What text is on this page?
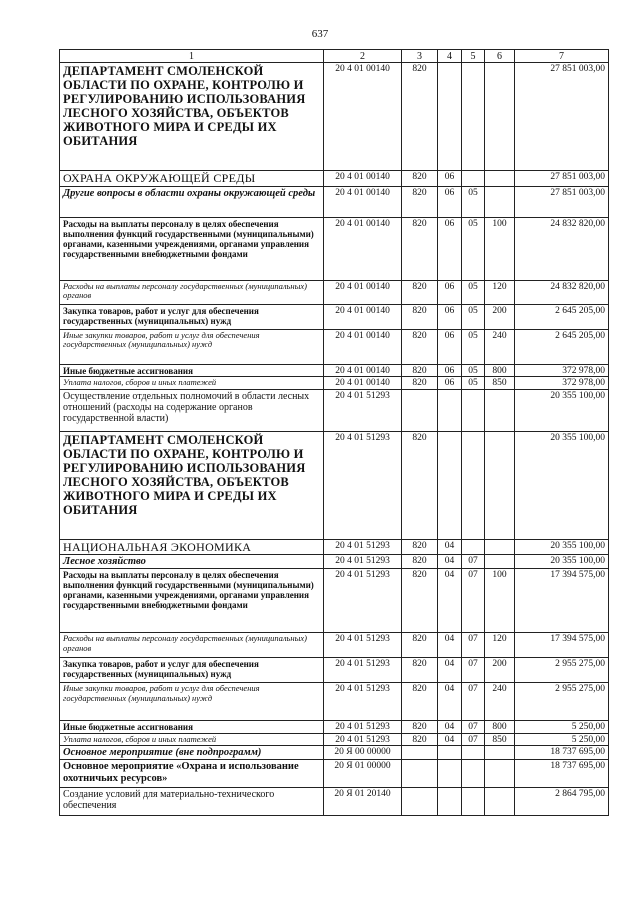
637
1	2	3	4	5	6	7
ДЕПАРТАМЕНТ СМОЛЕНСКОЙ ОБЛАСТИ ПО ОХРАНЕ, КОНТРОЛЮ И РЕГУЛИРОВАНИЮ ИСПОЛЬЗОВАНИЯ ЛЕСНОГО ХОЗЯЙСТВА, ОБЪЕКТОВ ЖИВОТНОГО МИРА И СРЕДЫ ИХ ОБИТАНИЯ	20 4 01 00140	820				27 851 003,00
ОХРАНА ОКРУЖАЮЩЕЙ СРЕДЫ	20 4 01 00140	820	06			27 851 003,00
Другие вопросы в области охраны окружающей среды	20 4 01 00140	820	06	05		27 851 003,00
Расходы на выплаты персоналу в целях обеспечения выполнения функций государственными (муниципальными) органами, казенными учреждениями, органами управления государственными внебюджетными фондами	20 4 01 00140	820	06	05	100	24 832 820,00
Расходы на выплаты персоналу государственных (муниципальных) органов	20 4 01 00140	820	06	05	120	24 832 820,00
Закупка товаров, работ и услуг для обеспечения государственных (муниципальных) нужд	20 4 01 00140	820	06	05	200	2 645 205,00
Иные закупки товаров, работ и услуг для обеспечения государственных (муниципальных) нужд	20 4 01 00140	820	06	05	240	2 645 205,00
Иные бюджетные ассигнования	20 4 01 00140	820	06	05	800	372 978,00
Уплата налогов, сборов и иных платежей	20 4 01 00140	820	06	05	850	372 978,00
Осуществление отдельных полномочий в области лесных отношений (расходы на содержание органов государственной власти)	20 4 01 51293					20 355 100,00
ДЕПАРТАМЕНТ СМОЛЕНСКОЙ ОБЛАСТИ ПО ОХРАНЕ, КОНТРОЛЮ И РЕГУЛИРОВАНИЮ ИСПОЛЬЗОВАНИЯ ЛЕСНОГО ХОЗЯЙСТВА, ОБЪЕКТОВ ЖИВОТНОГО МИРА И СРЕДЫ ИХ ОБИТАНИЯ	20 4 01 51293	820				20 355 100,00
НАЦИОНАЛЬНАЯ ЭКОНОМИКА	20 4 01 51293	820	04			20 355 100,00
Лесное хозяйство	20 4 01 51293	820	04	07		20 355 100,00
Расходы на выплаты персоналу в целях обеспечения выполнения функций государственными (муниципальными) органами, казенными учреждениями, органами управления государственными внебюджетными фондами	20 4 01 51293	820	04	07	100	17 394 575,00
Расходы на выплаты персоналу государственных (муниципальных) органов	20 4 01 51293	820	04	07	120	17 394 575,00
Закупка товаров, работ и услуг для обеспечения государственных (муниципальных) нужд	20 4 01 51293	820	04	07	200	2 955 275,00
Иные закупки товаров, работ и услуг для обеспечения государственных (муниципальных) нужд	20 4 01 51293	820	04	07	240	2 955 275,00
Иные бюджетные ассигнования	20 4 01 51293	820	04	07	800	5 250,00
Уплата налогов, сборов и иных платежей	20 4 01 51293	820	04	07	850	5 250,00
Основное мероприятие (вне подпрограмм)	20 Я 00 00000					18 737 695,00
Основное мероприятие «Охрана и использование охотничьих ресурсов»	20 Я 01 00000					18 737 695,00
Создание условий для материально-технического обеспечения	20 Я 01 20140					2 864 795,00
